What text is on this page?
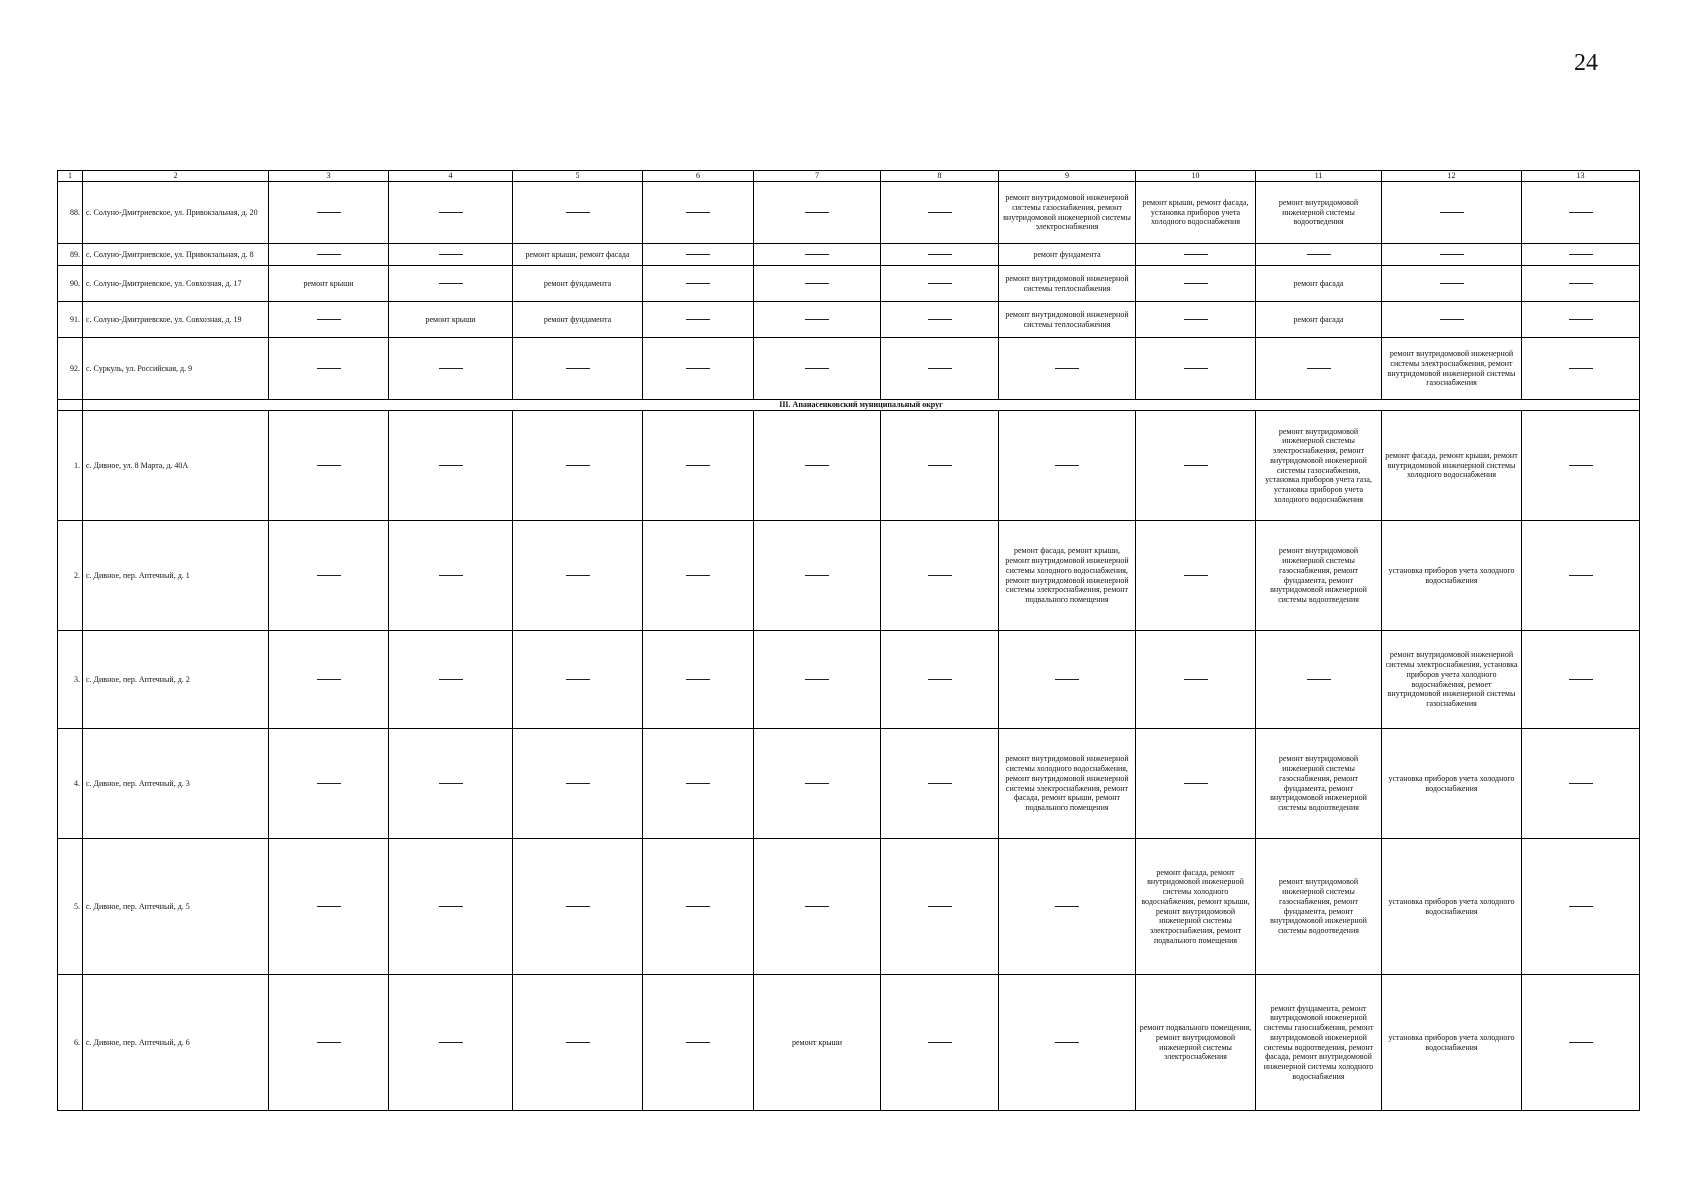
24
1	2	3	4	5	6	7	8	9	10	11	12	13
88.	с. Солуно-Дмитриевское, ул. Привокзальная, д. 20							ремонт внутридомовой инженерной системы газоснабжения, ремонт внутридомовой инженерной системы электроснабжения	ремонт крыши, ремонт фасада, установка приборов учета холодного водоснабжения	ремонт внутридомовой инженерной системы водоотведения		
89.	с. Солуно-Дмитриевское, ул. Привокзальная, д. 8			ремонт крыши, ремонт фасада				ремонт фундамента				
90.	с. Солуно-Дмитриевское, ул. Совхозная, д. 17	ремонт крыши		ремонт фундамента				ремонт внутридомовой инженерной системы теплоснабжения		ремонт фасада		
91.	с. Солуно-Дмитриевское, ул. Совхозная, д. 19		ремонт крыши	ремонт фундамента				ремонт внутридомовой инженерной системы теплоснабжения		ремонт фасада		
92.	с. Суркуль, ул. Российская, д. 9										ремонт внутридомовой инженерной системы электроснабжения, ремонт внутридомовой инженерной системы газоснабжения	
	III. Апанасенковский муниципальный округ											
1.	с. Дивное, ул. 8 Марта, д. 40А									ремонт внутридомовой инженерной системы электроснабжения, ремонт внутридомовой инженерной системы газоснабжения, установка приборов учета газа, установка приборов учета холодного водоснабжения	ремонт фасада, ремонт крыши, ремонт внутридомовой инженерной системы холодного водоснабжения	
2.	с. Дивное, пер. Аптечный, д. 1							ремонт фасада, ремонт крыши, ремонт внутридомовой инженерной системы холодного водоснабжения, ремонт внутридомовой инженерной системы электроснабжения, ремонт подвального помещения		ремонт внутридомовой инженерной системы газоснабжения, ремонт фундамента, ремонт внутридомовой инженерной системы водоотведения	установка приборов учета холодного водоснабжения	
3.	с. Дивное, пер. Аптечный, д. 2										ремонт внутридомовой инженерной системы электроснабжения, установка приборов учета холодного водоснабжения, ремоет внутридомовой инженерной системы газоснабжения	
4.	с. Дивное, пер. Аптечный, д. 3							ремонт внутридомовой инженерной системы холодного водоснабжения, ремонт внутридомовой инженерной системы электроснабжения, ремонт фасада, ремонт крыши, ремонт подвального помещения		ремонт внутридомовой инженерной системы газоснабжения, ремонт фундамента, ремонт внутридомовой инженерной системы водоотведения	установка приборов учета холодного водоснабжения	
5.	с. Дивное, пер. Аптечный, д. 5								ремонт фасада, ремонт внутридомовой инженерной системы холодного водоснабжения, ремонт крыши, ремонт внутридомовой инженерной системы электроснабжения, ремонт подвального помещения	ремонт внутридомовой инженерной системы газоснабжения, ремонт фундамента, ремонт внутридомовой инженерной системы водоотведения	установка приборов учета холодного водоснабжения	
6.	с. Дивное, пер. Аптечный, д. 6					ремонт крыши			ремонт подвального помещения, ремонт внутридомовой инженерной системы электроснабжения	ремонт фундамента, ремонт внутридомовой инженерной системы газоснабжения, ремонт внутридомовой инженерной системы водоотведения, ремонт фасада, ремонт внутридомовой инженерной системы холодного водоснабжения	установка приборов учета холодного водоснабжения	
